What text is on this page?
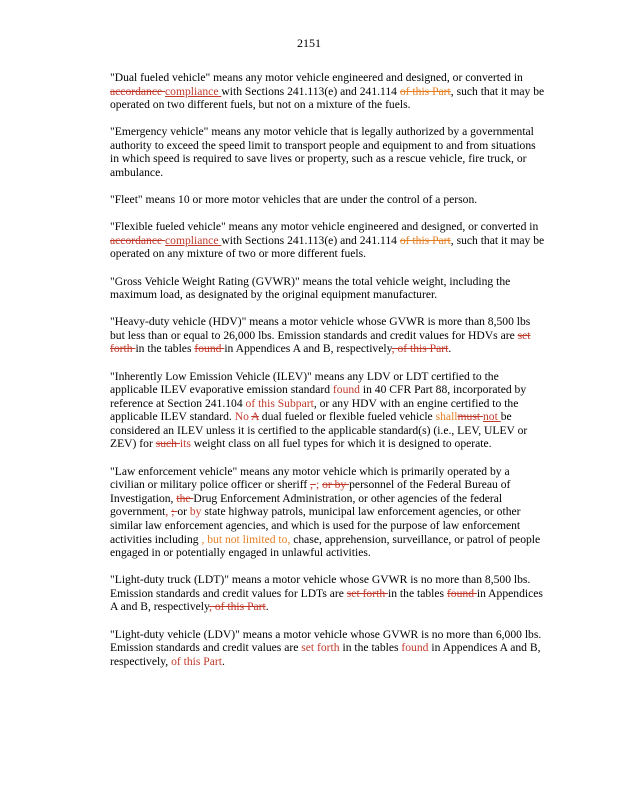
2151

"Dual fueled vehicle" means any motor vehicle engineered and designed, or converted in accordance compliance with Sections 241.113(e) and 241.114 of this Part, such that it may be operated on two different fuels, but not on a mixture of the fuels.

"Emergency vehicle" means any motor vehicle that is legally authorized by a governmental authority to exceed the speed limit to transport people and equipment to and from situations in which speed is required to save lives or property, such as a rescue vehicle, fire truck, or ambulance.

"Fleet" means 10 or more motor vehicles that are under the control of a person.

"Flexible fueled vehicle" means any motor vehicle engineered and designed, or converted in accordance compliance with Sections 241.113(e) and 241.114 of this Part, such that it may be operated on any mixture of two or more different fuels.

"Gross Vehicle Weight Rating (GVWR)" means the total vehicle weight, including the maximum load, as designated by the original equipment manufacturer.

"Heavy-duty vehicle (HDV)" means a motor vehicle whose GVWR is more than 8,500 lbs but less than or equal to 26,000 lbs. Emission standards and credit values for HDVs are set forth in the tables found in Appendices A and B, respectively, of this Part.

"Inherently Low Emission Vehicle (ILEV)" means any LDV or LDT certified to the applicable ILEV evaporative emission standard found in 40 CFR Part 88, incorporated by reference at Section 241.104 of this Subpart, or any HDV with an engine certified to the applicable ILEV standard. No A dual fueled or flexible fueled vehicle shallmust not be considered an ILEV unless it is certified to the applicable standard(s) (i.e., LEV, ULEV or ZEV) for such its weight class on all fuel types for which it is designed to operate.

"Law enforcement vehicle" means any motor vehicle which is primarily operated by a civilian or military police officer or sheriff , ; or by personnel of the Federal Bureau of Investigation, the Drug Enforcement Administration, or other agencies of the federal government, ; or by state highway patrols, municipal law enforcement agencies, or other similar law enforcement agencies, and which is used for the purpose of law enforcement activities including , but not limited to, chase, apprehension, surveillance, or patrol of people engaged in or potentially engaged in unlawful activities.

"Light-duty truck (LDT)" means a motor vehicle whose GVWR is no more than 8,500 lbs. Emission standards and credit values for LDTs are set forth in the tables found in Appendices A and B, respectively, of this Part.

"Light-duty vehicle (LDV)" means a motor vehicle whose GVWR is no more than 6,000 lbs. Emission standards and credit values are set forth in the tables found in Appendices A and B, respectively, of this Part.
